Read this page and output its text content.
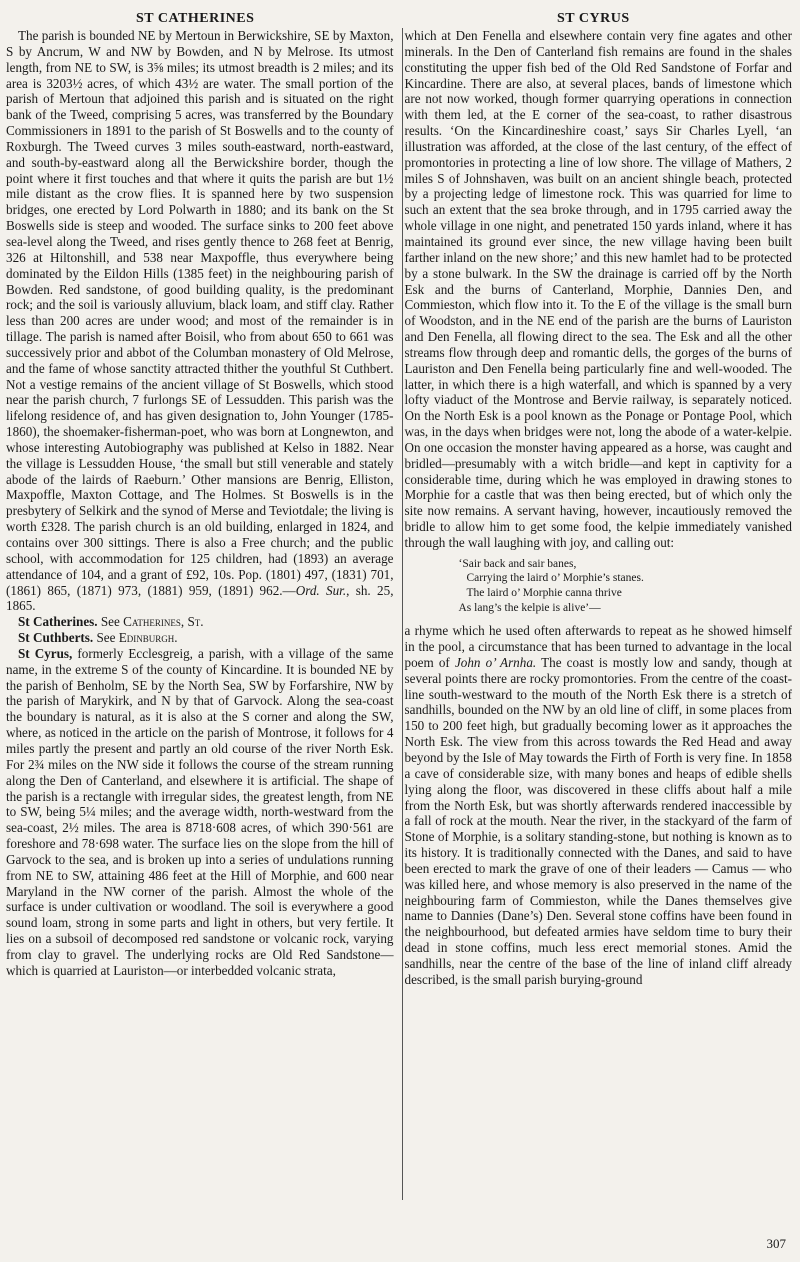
ST CATHERINES	ST CYRUS

The parish is bounded NE by Mertoun in Berwickshire, SE by Maxton, S by Ancrum, W and NW by Bowden, and N by Melrose. Its utmost length, from NE to SW, is 3⅝ miles; its utmost breadth is 2 miles; and its area is 3203½ acres, of which 43½ are water. The small portion of the parish of Mertoun that adjoined this parish and is situated on the right bank of the Tweed, comprising 5 acres, was transferred by the Boundary Commissioners in 1891 to the parish of St Boswells and to the county of Roxburgh. The Tweed curves 3 miles south-eastward, north-eastward, and south-by-eastward along all the Berwickshire border, though the point where it first touches and that where it quits the parish are but 1½ mile distant as the crow flies. It is spanned here by two suspension bridges, one erected by Lord Polwarth in 1880; and its bank on the St Boswells side is steep and wooded. The surface sinks to 200 feet above sea-level along the Tweed, and rises gently thence to 268 feet at Benrig, 326 at Hiltonshill, and 538 near Maxpoffle, thus everywhere being dominated by the Eildon Hills (1385 feet) in the neighbouring parish of Bowden. Red sandstone, of good building quality, is the predominant rock; and the soil is variously alluvium, black loam, and stiff clay. Rather less than 200 acres are under wood; and most of the remainder is in tillage. The parish is named after Boisil, who from about 650 to 661 was successively prior and abbot of the Columban monastery of Old Melrose, and the fame of whose sanctity attracted thither the youthful St Cuthbert. Not a vestige remains of the ancient village of St Boswells, which stood near the parish church, 7 furlongs SE of Lessudden. This parish was the lifelong residence of, and has given designation to, John Younger (1785-1860), the shoemaker-fisherman-poet, who was born at Longnewton, and whose interesting Autobiography was published at Kelso in 1882. Near the village is Lessudden House, ‘the small but still venerable and stately abode of the lairds of Raeburn.’ Other mansions are Benrig, Elliston, Maxpoffle, Maxton Cottage, and The Holmes. St Boswells is in the presbytery of Selkirk and the synod of Merse and Teviotdale; the living is worth £328. The parish church is an old building, enlarged in 1824, and contains over 300 sittings. There is also a Free church; and the public school, with accommodation for 125 children, had (1893) an average attendance of 104, and a grant of £92, 10s. Pop. (1801) 497, (1831) 701, (1861) 865, (1871) 973, (1881) 959, (1891) 962.—Ord. Sur., sh. 25, 1865.

St Catherines. See Catherines, St.

St Cuthberts. See Edinburgh.

St Cyrus, formerly Ecclesgreig, a parish, with a village of the same name, in the extreme S of the county of Kincardine. It is bounded NE by the parish of Benholm, SE by the North Sea, SW by Forfarshire, NW by the parish of Marykirk, and N by that of Garvock. Along the sea-coast the boundary is natural, as it is also at the S corner and along the SW, where, as noticed in the article on the parish of Montrose, it follows for 4 miles partly the present and partly an old course of the river North Esk. For 2¾ miles on the NW side it follows the course of the stream running along the Den of Canterland, and elsewhere it is artificial. The shape of the parish is a rectangle with irregular sides, the greatest length, from NE to SW, being 5¼ miles; and the average width, north-westward from the sea-coast, 2½ miles. The area is 8718·608 acres, of which 390·561 are foreshore and 78·698 water. The surface lies on the slope from the hill of Garvock to the sea, and is broken up into a series of undulations running from NE to SW, attaining 486 feet at the Hill of Morphie, and 600 near Maryland in the NW corner of the parish. Almost the whole of the surface is under cultivation or woodland. The soil is everywhere a good sound loam, strong in some parts and light in others, but very fertile. It lies on a subsoil of decomposed red sandstone or volcanic rock, varying from clay to gravel. The underlying rocks are Old Red Sandstone—which is quarried at Lauriston—or interbedded volcanic strata,

which at Den Fenella and elsewhere contain very fine agates and other minerals. In the Den of Canterland fish remains are found in the shales constituting the upper fish bed of the Old Red Sandstone of Forfar and Kincardine. There are also, at several places, bands of limestone which are not now worked, though former quarrying operations in connection with them led, at the E corner of the sea-coast, to rather disastrous results. ‘On the Kincardineshire coast,’ says Sir Charles Lyell, ‘an illustration was afforded, at the close of the last century, of the effect of promontories in protecting a line of low shore. The village of Mathers, 2 miles S of Johnshaven, was built on an ancient shingle beach, protected by a projecting ledge of limestone rock. This was quarried for lime to such an extent that the sea broke through, and in 1795 carried away the whole village in one night, and penetrated 150 yards inland, where it has maintained its ground ever since, the new village having been built farther inland on the new shore;’ and this new hamlet had to be protected by a stone bulwark. In the SW the drainage is carried off by the North Esk and the burns of Canterland, Morphie, Dannies Den, and Commieston, which flow into it. To the E of the village is the small burn of Woodston, and in the NE end of the parish are the burns of Lauriston and Den Fenella, all flowing direct to the sea. The Esk and all the other streams flow through deep and romantic dells, the gorges of the burns of Lauriston and Den Fenella being particularly fine and well-wooded. The latter, in which there is a high waterfall, and which is spanned by a very lofty viaduct of the Montrose and Bervie railway, is separately noticed. On the North Esk is a pool known as the Ponage or Pontage Pool, which was, in the days when bridges were not, long the abode of a water-kelpie. On one occasion the monster having appeared as a horse, was caught and bridled—presumably with a witch bridle—and kept in captivity for a considerable time, during which he was employed in drawing stones to Morphie for a castle that was then being erected, but of which only the site now remains. A servant having, however, incautiously removed the bridle to allow him to get some food, the kelpie immediately vanished through the wall laughing with joy, and calling out:

‘Sair back and sair banes,
Carrying the laird o’ Morphie’s stanes.
The laird o’ Morphie canna thrive
As lang’s the kelpie is alive’—

a rhyme which he used often afterwards to repeat as he showed himself in the pool, a circumstance that has been turned to advantage in the local poem of John o’ Arnha. The coast is mostly low and sandy, though at several points there are rocky promontories. From the centre of the coast-line south-westward to the mouth of the North Esk there is a stretch of sandhills, bounded on the NW by an old line of cliff, in some places from 150 to 200 feet high, but gradually becoming lower as it approaches the North Esk. The view from this across towards the Red Head and away beyond by the Isle of May towards the Firth of Forth is very fine. In 1858 a cave of considerable size, with many bones and heaps of edible shells lying along the floor, was discovered in these cliffs about half a mile from the North Esk, but was shortly afterwards rendered inaccessible by a fall of rock at the mouth. Near the river, in the stackyard of the farm of Stone of Morphie, is a solitary standing-stone, but nothing is known as to its history. It is traditionally connected with the Danes, and said to have been erected to mark the grave of one of their leaders — Camus — who was killed here, and whose memory is also preserved in the name of the neighbouring farm of Commieston, while the Danes themselves give name to Dannies (Dane’s) Den. Several stone coffins have been found in the neighbourhood, but defeated armies have seldom time to bury their dead in stone coffins, much less erect memorial stones. Amid the sandhills, near the centre of the base of the line of inland cliff already described, is the small parish burying-ground

307
